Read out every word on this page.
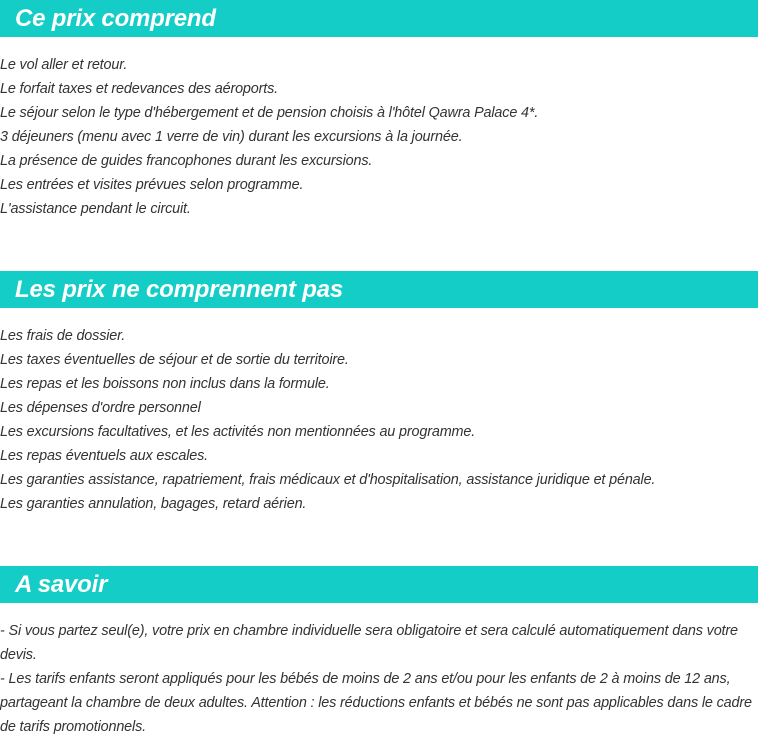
Ce prix comprend
Le vol aller et retour.
Le forfait taxes et redevances des aéroports.
Le séjour selon le type d'hébergement et de pension choisis à l'hôtel Qawra Palace 4*.
3 déjeuners (menu avec 1 verre de vin) durant les excursions à la journée.
La présence de guides francophones durant les excursions.
Les entrées et visites prévues selon programme.
L'assistance pendant le circuit.
Les prix ne comprennent pas
Les frais de dossier.
Les taxes éventuelles de séjour et de sortie du territoire.
Les repas et les boissons non inclus dans la formule.
Les dépenses d'ordre personnel
Les excursions facultatives, et les activités non mentionnées au programme.
Les repas éventuels aux escales.
Les garanties assistance, rapatriement, frais médicaux et d'hospitalisation, assistance juridique et pénale.
Les garanties annulation, bagages, retard aérien.
A savoir
- Si vous partez seul(e), votre prix en chambre individuelle sera obligatoire et sera calculé automatiquement dans votre devis.
- Les tarifs enfants seront appliqués pour les bébés de moins de 2 ans et/ou pour les enfants de 2 à moins de 12 ans, partageant la chambre de deux adultes. Attention : les réductions enfants et bébés ne sont pas applicables dans le cadre de tarifs promotionnels.
